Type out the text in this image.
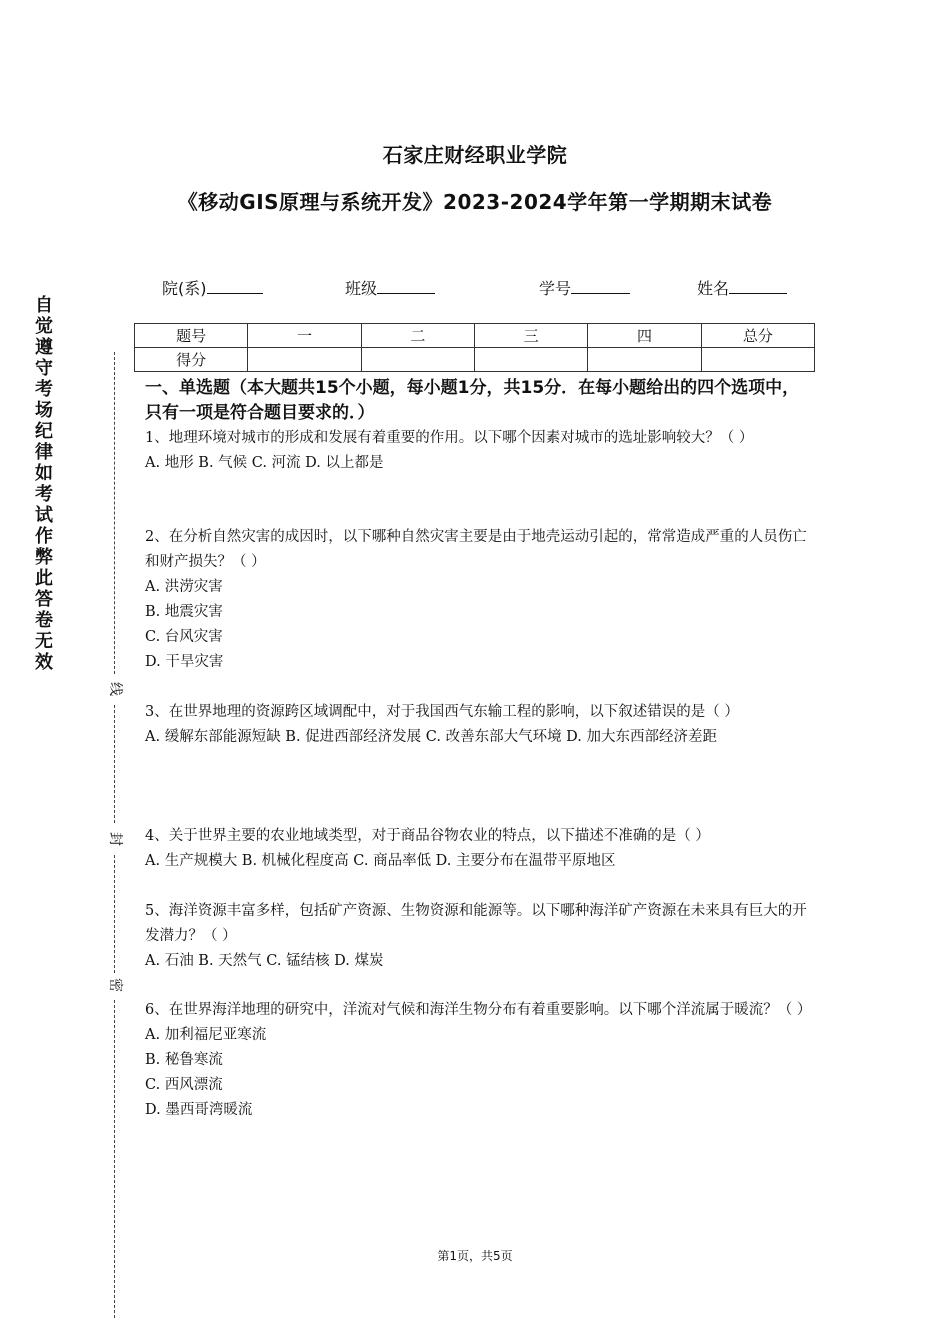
石家庄财经职业学院
《移动GIS原理与系统开发》2023-2024学年第一学期期末试卷
院(系)	班级	学号	姓名
题号	一	二	三	四	总分
得分					
自觉遵守考场纪律如考试作弊此答卷无效
线
封
密
一、单选题（本大题共15个小题，每小题1分，共15分．在每小题给出的四个选项中，只有一项是符合题目要求的．）

1、地理环境对城市的形成和发展有着重要的作用。以下哪个因素对城市的选址影响较大？（ ）

A. 地形 B. 气候 C. 河流 D. 以上都是

2、在分析自然灾害的成因时，以下哪种自然灾害主要是由于地壳运动引起的，常常造成严重的人员伤亡和财产损失？（ ）

A. 洪涝灾害

B. 地震灾害

C. 台风灾害

D. 干旱灾害

3、在世界地理的资源跨区域调配中，对于我国西气东输工程的影响，以下叙述错误的是（ ）

A. 缓解东部能源短缺 B. 促进西部经济发展 C. 改善东部大气环境 D. 加大东西部经济差距

4、关于世界主要的农业地域类型，对于商品谷物农业的特点，以下描述不准确的是（ ）

A. 生产规模大 B. 机械化程度高 C. 商品率低 D. 主要分布在温带平原地区

5、海洋资源丰富多样，包括矿产资源、生物资源和能源等。以下哪种海洋矿产资源在未来具有巨大的开发潜力？（ ）

A. 石油 B. 天然气 C. 锰结核 D. 煤炭

6、在世界海洋地理的研究中，洋流对气候和海洋生物分布有着重要影响。以下哪个洋流属于暖流？（ ）

A. 加利福尼亚寒流

B. 秘鲁寒流

C. 西风漂流

D. 墨西哥湾暖流

第1页，共5页
